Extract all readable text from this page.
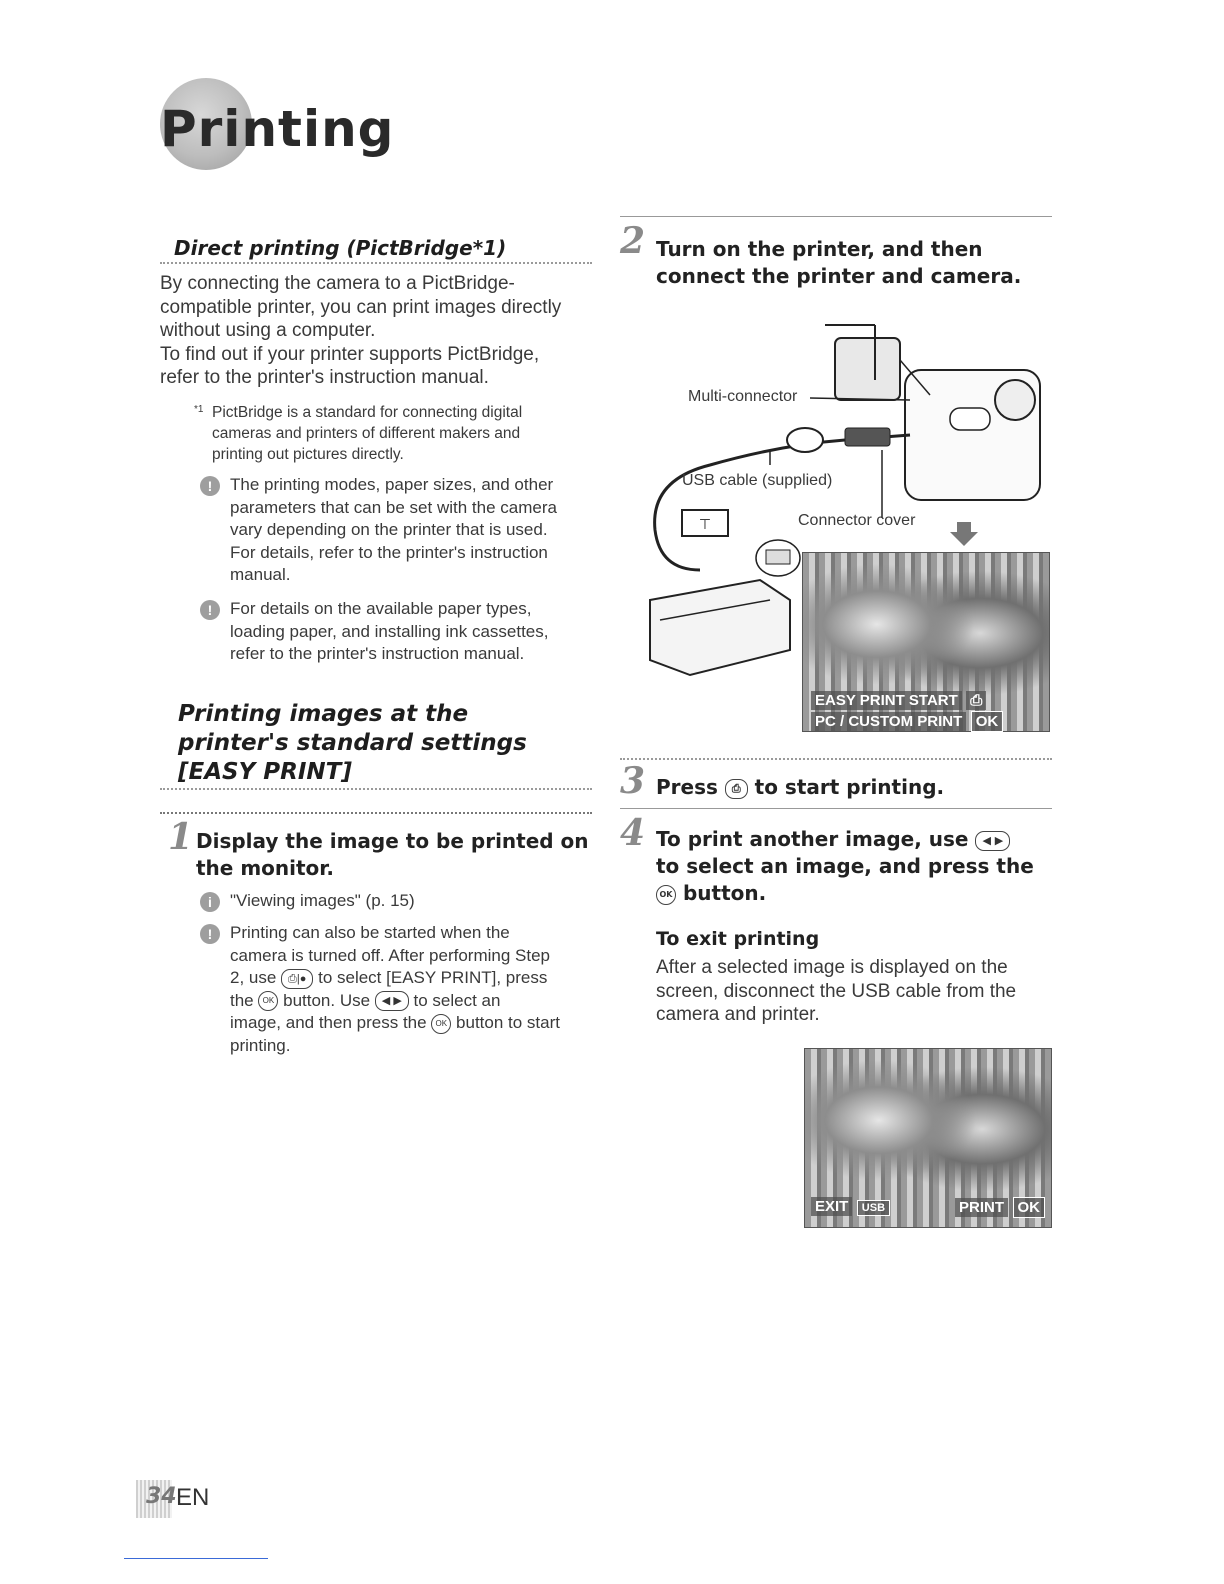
Printing
Direct printing (PictBridge*1)
By connecting the camera to a PictBridge-
compatible printer, you can print images directly
without using a computer.
To find out if your printer supports PictBridge,
refer to the printer's instruction manual.
*1 PictBridge is a standard for connecting digital
cameras and printers of different makers and
printing out pictures directly.
!	The printing modes, paper sizes, and other
parameters that can be set with the camera
vary depending on the printer that is used.
For details, refer to the printer's instruction
manual.
!	For details on the available paper types,
loading paper, and installing ink cassettes,
refer to the printer's instruction manual.
Printing images at the
printer's standard settings
[EASY PRINT]
1 Display the image to be printed on
the monitor.
i	"Viewing images" (p. 15)
!	Printing can also be started when the
camera is turned off. After performing Step
2, use ⎙|● to select [EASY PRINT], press
the OK button. Use ◀ ▶ to select an
image, and then press the OK button to start
printing.
2 Turn on the printer, and then
connect the printer and camera.
⊤
Multi-connector
USB cable (supplied)
Connector cover
EASY PRINT START ⎙
PC / CUSTOM PRINT OK
3 Press ⎙ to start printing.
4 To print another image, use ◀ ▶
to select an image, and press the
OK button.
To exit printing
After a selected image is displayed on the
screen, disconnect the USB cable from the
camera and printer.
EXIT USB	PRINT OK
34 EN
